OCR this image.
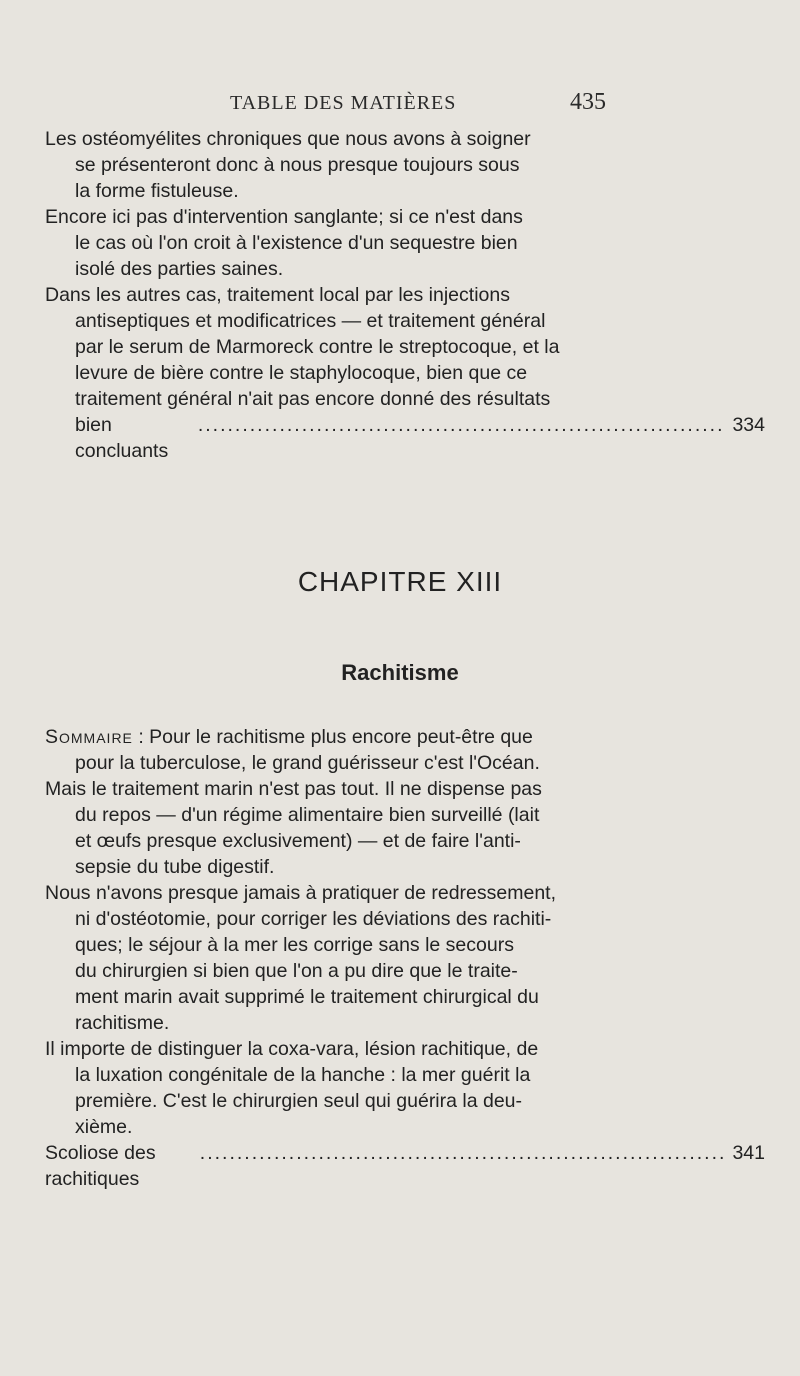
TABLE DES MATIÈRES	435
Les ostéomyélites chroniques que nous avons à soigner
se présenteront donc à nous presque toujours sous
la forme fistuleuse.
Encore ici pas d'intervention sanglante; si ce n'est dans
le cas où l'on croit à l'existence d'un sequestre bien
isolé des parties saines.
Dans les autres cas, traitement local par les injections
antiseptiques et modificatrices — et traitement général
par le serum de Marmoreck contre le streptocoque, et la
levure de bière contre le staphylocoque, bien que ce
traitement général n'ait pas encore donné des résultats
bien concluants
....................................................................... 334
CHAPITRE XIII
Rachitisme
Sommaire : Pour le rachitisme plus encore peut-être que
pour la tuberculose, le grand guérisseur c'est l'Océan.
Mais le traitement marin n'est pas tout. Il ne dispense pas
du repos — d'un régime alimentaire bien surveillé (lait
et œufs presque exclusivement) — et de faire l'anti-
sepsie du tube digestif.
Nous n'avons presque jamais à pratiquer de redressement,
ni d'ostéotomie, pour corriger les déviations des rachiti-
ques; le séjour à la mer les corrige sans le secours
du chirurgien si bien que l'on a pu dire que le traite-
ment marin avait supprimé le traitement chirurgical du
rachitisme.
Il importe de distinguer la coxa-vara, lésion rachitique, de
la luxation congénitale de la hanche : la mer guérit la
première. C'est le chirurgien seul qui guérira la deu-
xième.
Scoliose des rachitiques
....................................................................... 341
